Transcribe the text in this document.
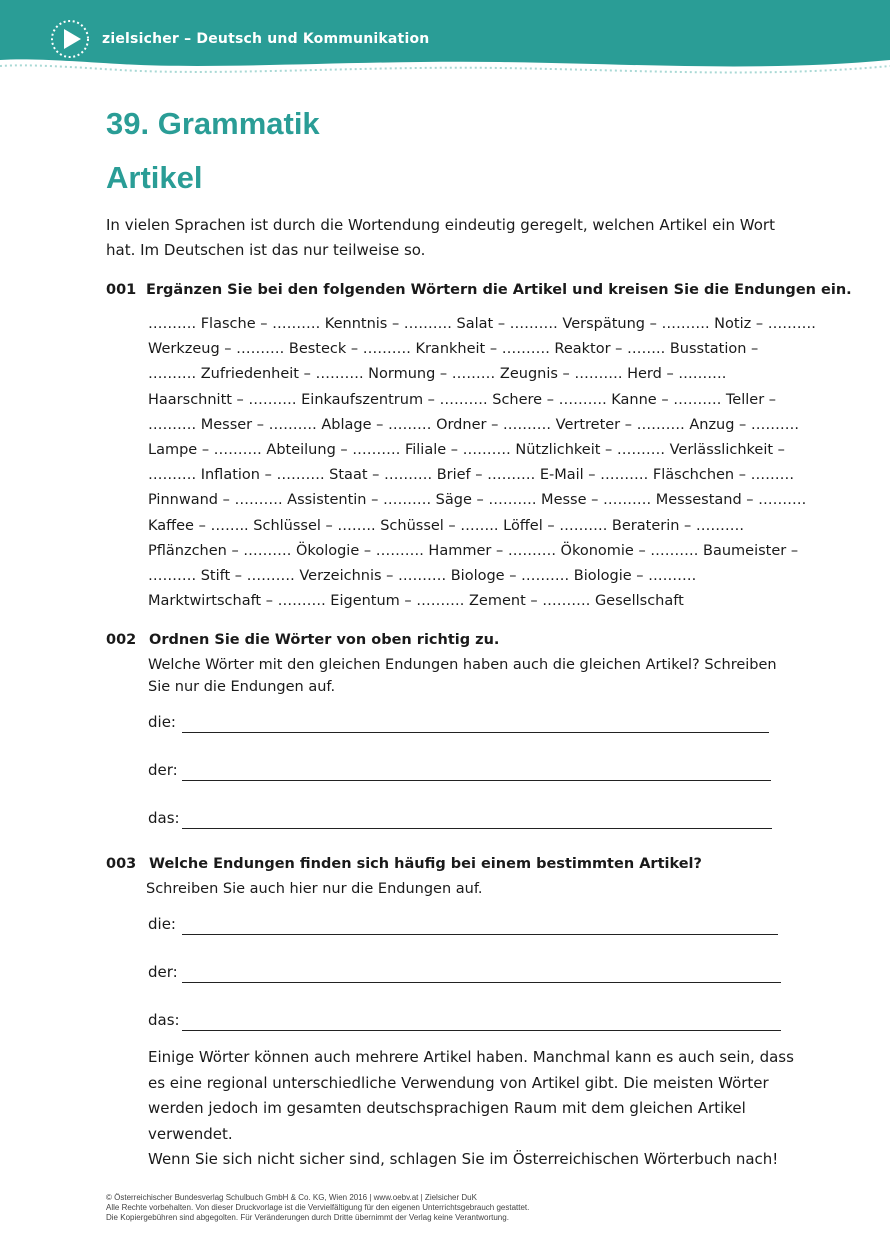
zielsicher – Deutsch und Kommunikation
39. Grammatik
Artikel
In vielen Sprachen ist durch die Wortendung eindeutig geregelt, welchen Artikel ein Wort hat. Im Deutschen ist das nur teilweise so.
001 Ergänzen Sie bei den folgenden Wörtern die Artikel und kreisen Sie die Endungen ein.
………. Flasche – ………. Kenntnis – ………. Salat – ………. Verspätung – ………. Notiz – ……….
Werkzeug – ………. Besteck – ………. Krankheit – ………. Reaktor – …….. Busstation –
………. Zufriedenheit – ………. Normung – ……… Zeugnis – ………. Herd – ……….
Haarschnitt – ………. Einkaufszentrum – ………. Schere – ………. Kanne – ………. Teller –
………. Messer – ………. Ablage – ……… Ordner – ………. Vertreter – ………. Anzug – ……….
Lampe – ………. Abteilung – ………. Filiale – ………. Nützlichkeit – ………. Verlässlichkeit –
………. Inflation – ………. Staat – ………. Brief – ………. E-Mail – ………. Fläschchen – ………
Pinnwand – ………. Assistentin – ………. Säge – ………. Messe – ………. Messestand – ……….
Kaffee – …….. Schlüssel – …….. Schüssel – …….. Löffel – ………. Beraterin – ……….
Pflänzchen – ………. Ökologie – ………. Hammer – ………. Ökonomie – ………. Baumeister –
………. Stift – ………. Verzeichnis – ………. Biologe – ………. Biologie – ……….
Marktwirtschaft – ………. Eigentum – ………. Zement – ………. Gesellschaft
002 Ordnen Sie die Wörter von oben richtig zu.
Welche Wörter mit den gleichen Endungen haben auch die gleichen Artikel? Schreiben Sie nur die Endungen auf.
die:
der:
das:
003 Welche Endungen finden sich häufig bei einem bestimmten Artikel?
Schreiben Sie auch hier nur die Endungen auf.
die:
der:
das:
Einige Wörter können auch mehrere Artikel haben. Manchmal kann es auch sein, dass es eine regional unterschiedliche Verwendung von Artikel gibt. Die meisten Wörter werden jedoch im gesamten deutschsprachigen Raum mit dem gleichen Artikel verwendet.
Wenn Sie sich nicht sicher sind, schlagen Sie im Österreichischen Wörterbuch nach!
© Österreichischer Bundesverlag Schulbuch GmbH & Co. KG, Wien 2016 | www.oebv.at | Zielsicher DuK
Alle Rechte vorbehalten. Von dieser Druckvorlage ist die Vervielfältigung für den eigenen Unterrichtsgebrauch gestattet.
Die Kopiergebühren sind abgegolten. Für Veränderungen durch Dritte übernimmt der Verlag keine Verantwortung.
